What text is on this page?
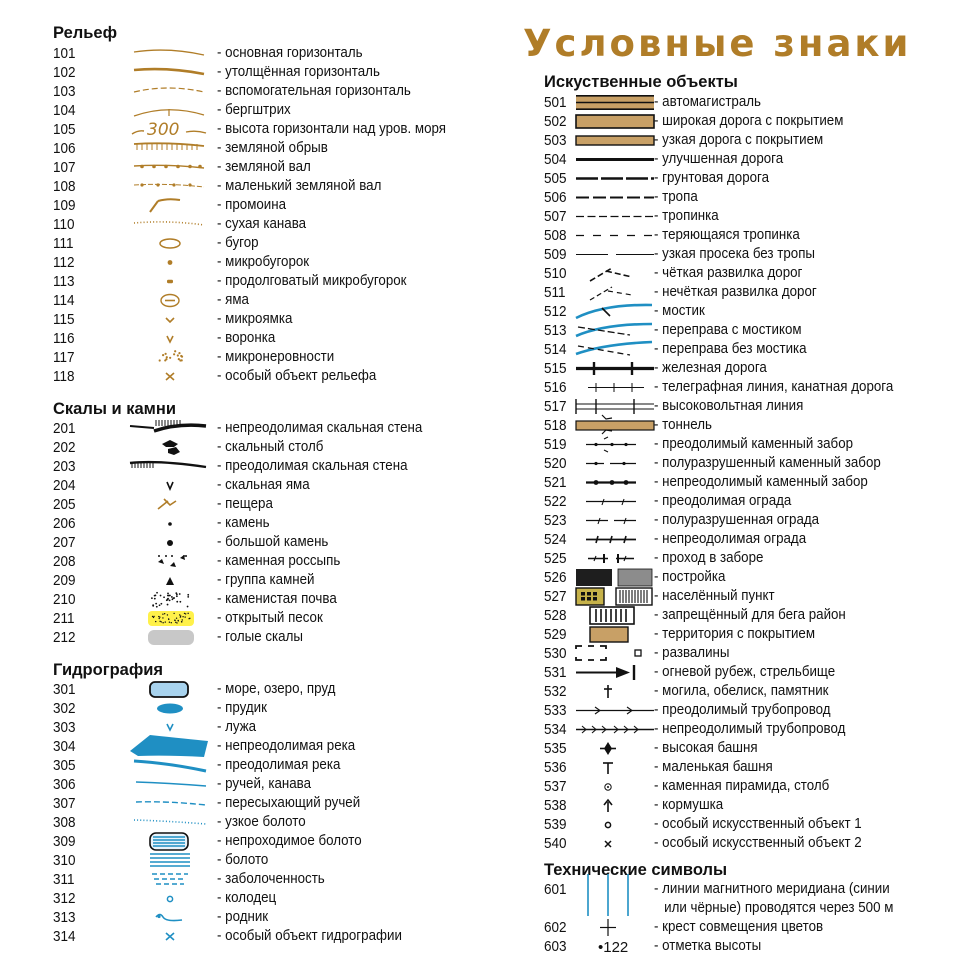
Условные знаки
Рельеф
101	- основная горизонталь
102	- утолщённая горизонталь
103	- вспомогательная горизонталь
104	- бергштрих
105	300	- высота горизонтали над уров. моря
106	- земляной обрыв
107	- земляной вал
108	- маленький земляной вал
109	- промоина
110	- сухая канава
111	- бугор
112	- микробугорок
113	- продолговатый микробугорок
114	- яма
115	- микроямка
116	- воронка
117	- микронеровности
118	- особый объект рельефа
Скалы и камни
201	- непреодолимая скальная стена
202	- скальный столб
203	- преодолимая скальная стена
204	- скальная яма
205	- пещера
206	- камень
207	- большой камень
208	- каменная россыпь
209	- группа камней
210	- каменистая почва
211	- открытый песок
212	- голые скалы
Гидрография
301	- море, озеро, пруд
302	- прудик
303	- лужа
304	- непреодолимая река
305	- преодолимая река
306	- ручей, канава
307	- пересыхающий ручей
308	- узкое болото
309	- непроходимое болото
310	- болото
311	- заболоченность
312	- колодец
313	- родник
314	- особый объект гидрографии
Искуственные объекты
501	- автомагистраль
502	- широкая дорога с покрытием
503	- узкая дорога с покрытием
504	- улучшенная дорога
505	- грунтовая дорога
506	- тропа
507	- тропинка
508	- теряющаяся тропинка
509	- узкая просека без тропы
510	- чёткая развилка дорог
511	- нечёткая развилка дорог
512	- мостик
513	- переправа с мостиком
514	- переправа без мостика
515	- железная дорога
516	- телеграфная линия, канатная дорога
517	- высоковольтная линия
518	- тоннель
519	- преодолимый каменный забор
520	- полуразрушенный каменный забор
521	- непреодолимый каменный забор
522	- преодолимая ограда
523	- полуразрушенная ограда
524	- непреодолимая ограда
525	- проход в заборе
526	- постройка
527	- населённый пункт
528	- запрещённый для бега район
529	- территория с покрытием
530	- развалины
531	- огневой рубеж, стрельбище
532	- могила, обелиск, памятник
533	- преодолимый трубопровод
534	- непреодолимый трубопровод
535	- высокая башня
536	- маленькая башня
537	- каменная пирамида, столб
538	- кормушка
539	- особый искусственный объект 1
540	- особый искусственный объект 2
Технические символы
601	- линии магнитного меридиана (синии
или чёрные) проводятся через 500 м
602	- крест совмещения цветов
603 •122 - отметка высоты
